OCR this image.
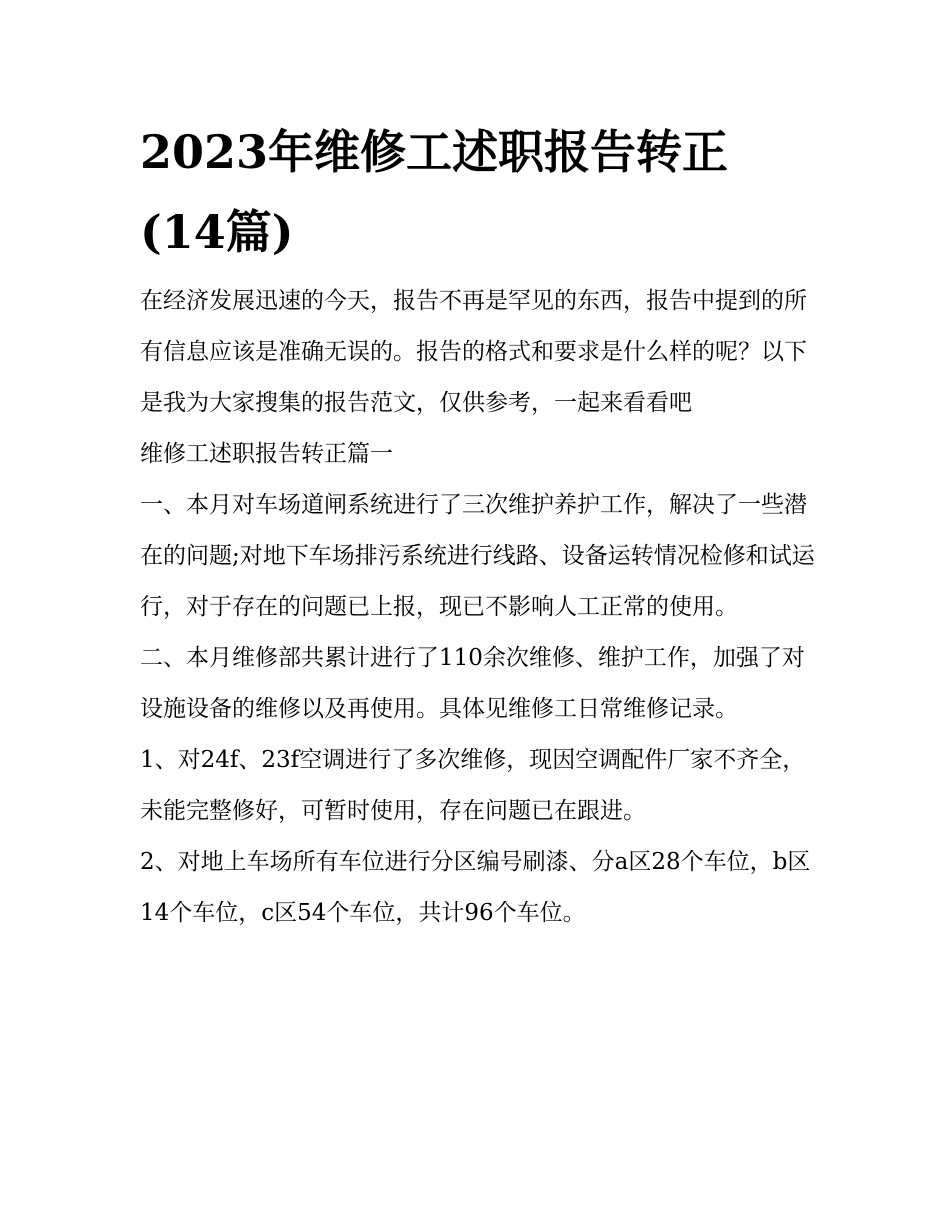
2023年维修工述职报告转正
(14篇)

在经济发展迅速的今天，报告不再是罕见的东西，报告中提到的所有信息应该是准确无误的。报告的格式和要求是什么样的呢？以下是我为大家搜集的报告范文，仅供参考，一起来看看吧

维修工述职报告转正篇一

一、本月对车场道闸系统进行了三次维护养护工作，解决了一些潜在的问题;对地下车场排污系统进行线路、设备运转情况检修和试运行，对于存在的问题已上报，现已不影响人工正常的使用。

二、本月维修部共累计进行了110余次维修、维护工作，加强了对设施设备的维修以及再使用。具体见维修工日常维修记录。

1、对24f、23f空调进行了多次维修，现因空调配件厂家不齐全，未能完整修好，可暂时使用，存在问题已在跟进。

2、对地上车场所有车位进行分区编号刷漆、分a区28个车位，b区14个车位，c区54个车位，共计96个车位。
